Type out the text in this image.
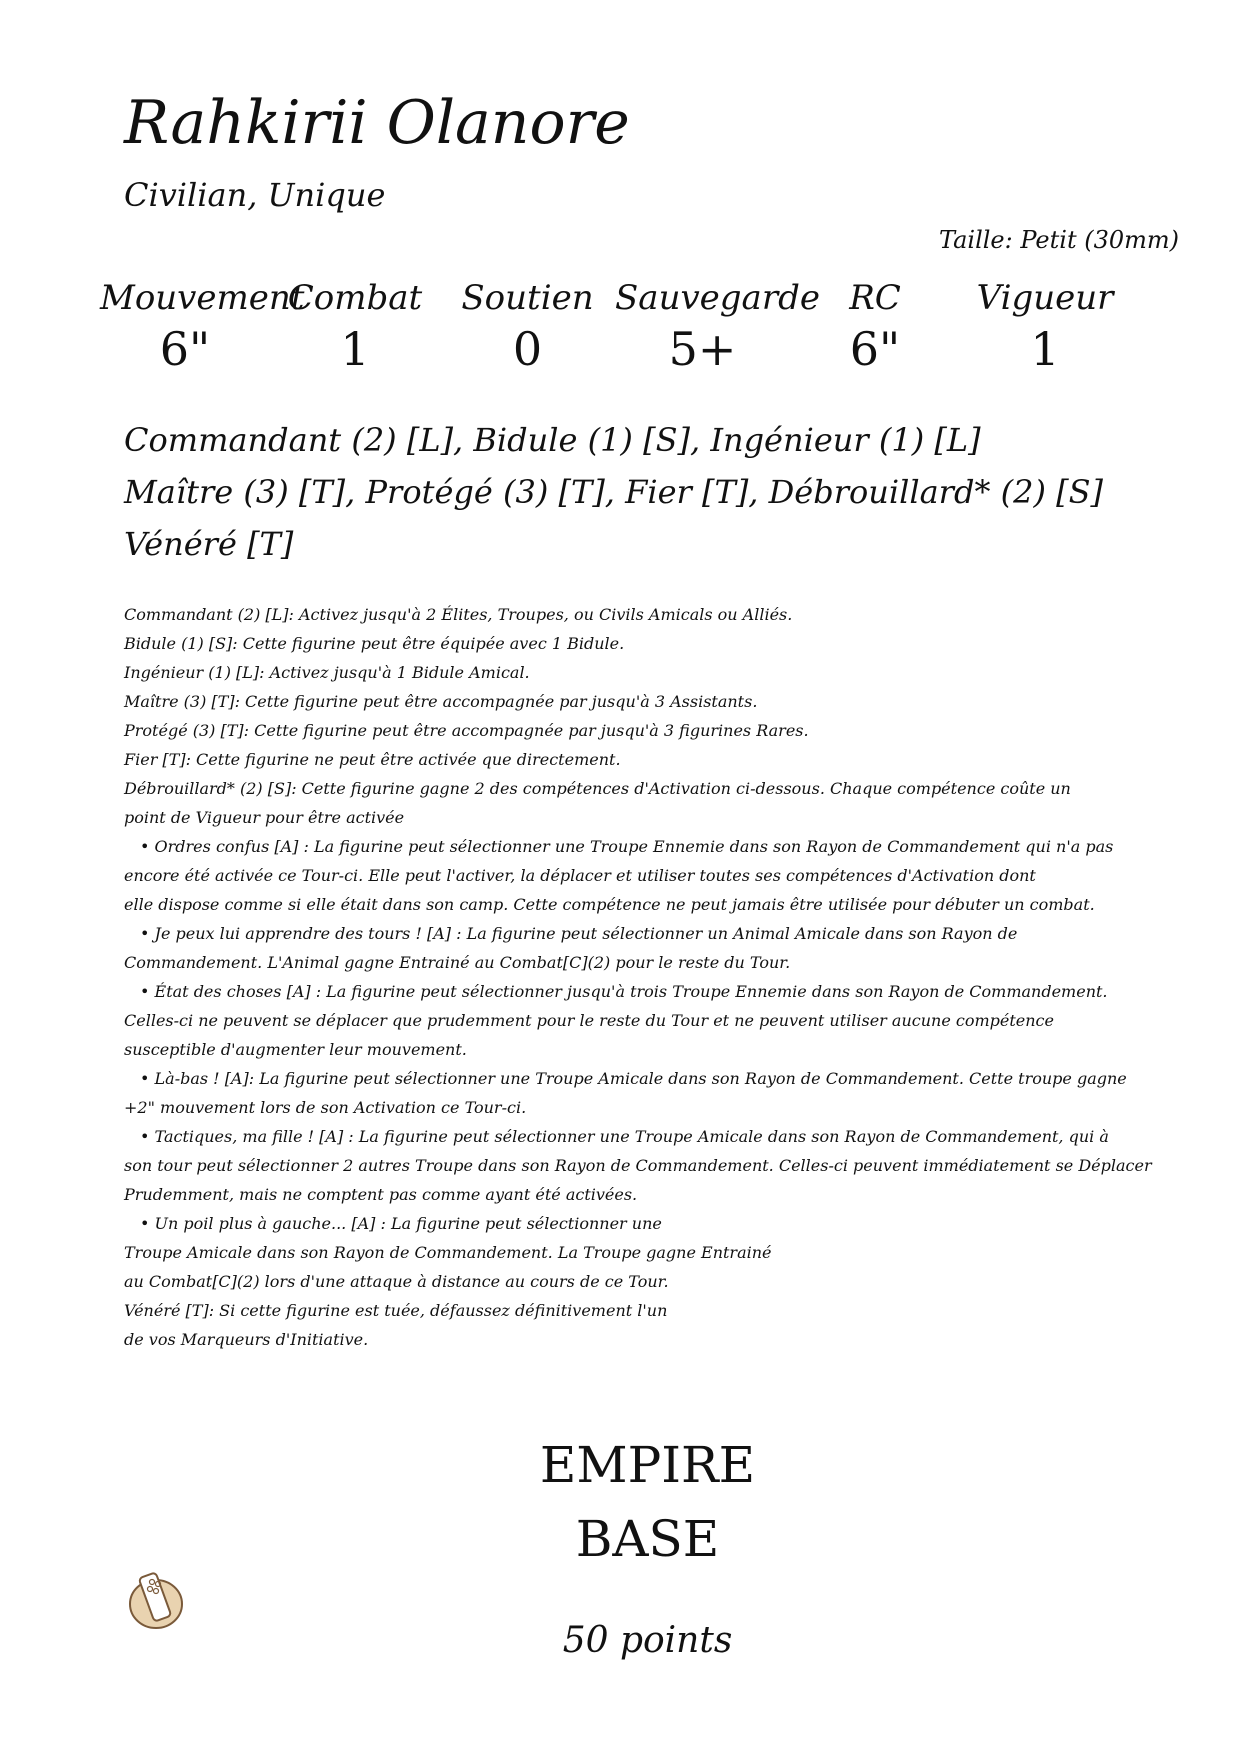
Rahkirii Olanore
Civilian, Unique
Taille: Petit (30mm)
Mouvement
6"
Combat
1
Soutien
0
Sauvegarde
5+
RC
6"
Vigueur
1
Commandant (2) [L], Bidule (1) [S], Ingénieur (1) [L]
Maître (3) [T], Protégé (3) [T], Fier [T], Débrouillard* (2) [S]
Vénéré [T]
Commandant (2) [L]: Activez jusqu'à 2 Élites, Troupes, ou Civils Amicals ou Alliés.
Bidule (1) [S]: Cette figurine peut être équipée avec 1 Bidule.
Ingénieur (1) [L]: Activez jusqu'à 1 Bidule Amical.
Maître (3) [T]: Cette figurine peut être accompagnée par jusqu'à 3 Assistants.
Protégé (3) [T]: Cette figurine peut être accompagnée par jusqu'à 3 figurines Rares.
Fier [T]: Cette figurine ne peut être activée que directement.
Débrouillard* (2) [S]: Cette figurine gagne 2 des compétences d'Activation ci-dessous. Chaque compétence coûte un
point de Vigueur pour être activée
• Ordres confus [A] : La figurine peut sélectionner une Troupe Ennemie dans son Rayon de Commandement qui n'a pas
encore été activée ce Tour-ci. Elle peut l'activer, la déplacer et utiliser toutes ses compétences d'Activation dont
elle dispose comme si elle était dans son camp. Cette compétence ne peut jamais être utilisée pour débuter un combat.
• Je peux lui apprendre des tours ! [A] : La figurine peut sélectionner un Animal Amicale dans son Rayon de
Commandement. L'Animal gagne Entrainé au Combat[C](2) pour le reste du Tour.
• État des choses [A] : La figurine peut sélectionner jusqu'à trois Troupe Ennemie dans son Rayon de Commandement.
Celles-ci ne peuvent se déplacer que prudemment pour le reste du Tour et ne peuvent utiliser aucune compétence
susceptible d'augmenter leur mouvement.
• Là-bas ! [A]: La figurine peut sélectionner une Troupe Amicale dans son Rayon de Commandement. Cette troupe gagne
+2" mouvement lors de son Activation ce Tour-ci.
• Tactiques, ma fille ! [A] : La figurine peut sélectionner une Troupe Amicale dans son Rayon de Commandement, qui à
son tour peut sélectionner 2 autres Troupe dans son Rayon de Commandement. Celles-ci peuvent immédiatement se Déplacer
Prudemment, mais ne comptent pas comme ayant été activées.
• Un poil plus à gauche... [A] : La figurine peut sélectionner une
Troupe Amicale dans son Rayon de Commandement. La Troupe gagne Entrainé
au Combat[C](2) lors d'une attaque à distance au cours de ce Tour.
Vénéré [T]: Si cette figurine est tuée, défaussez définitivement l'un
de vos Marqueurs d'Initiative.
EMPIRE
BASE
50 points
